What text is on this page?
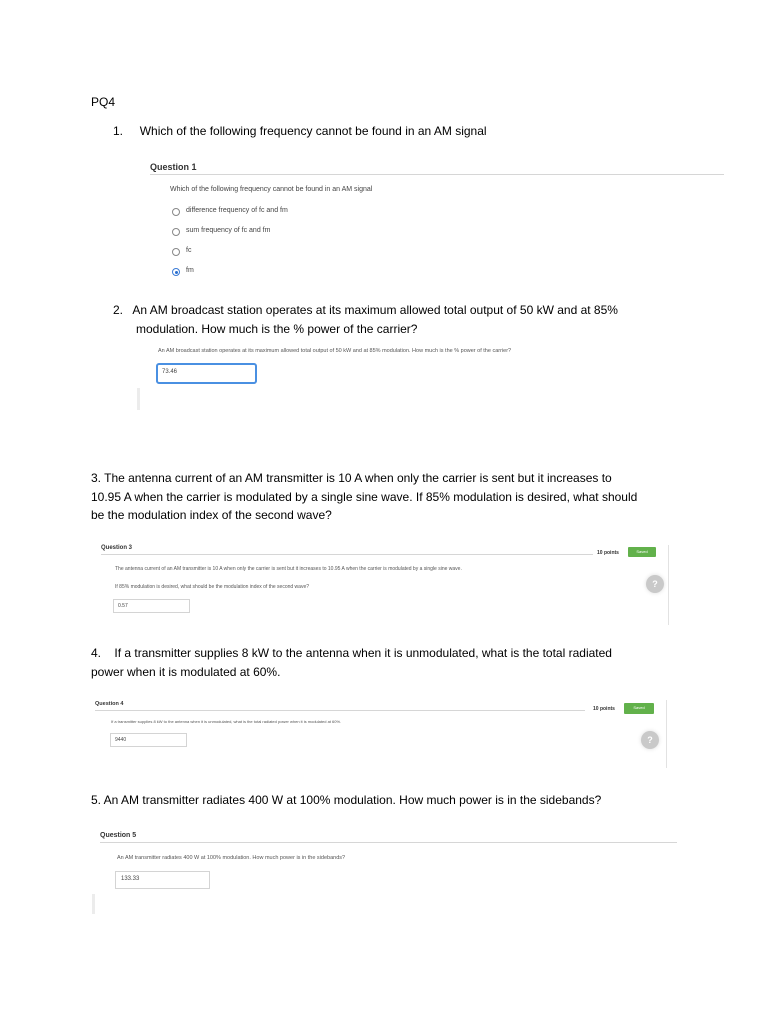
PQ4
1. Which of the following frequency cannot be found in an AM signal
Question 1
Which of the following frequency cannot be found in an AM signal
difference frequency of fc and fm
sum frequency of fc and fm
fc
fm
2. An AM broadcast station operates at its maximum allowed total output of 50 kW and at 85%
modulation. How much is the % power of the carrier?
An AM broadcast station operates at its maximum allowed total output of 50 kW and at 85% modulation. How much is the % power of the carrier?
73.46
3. The antenna current of an AM transmitter is 10 A when only the carrier is sent but it increases to
10.95 A when the carrier is modulated by a single sine wave. If 85% modulation is desired, what should
be the modulation index of the second wave?
Question 3
10 points	Saved
The antenna current of an AM transmitter is 10 A when only the carrier is sent but it increases to 10.95 A when the carrier is modulated by a single sine wave.
If 85% modulation is desired, what should be the modulation index of the second wave?
0.57
?
4. If a transmitter supplies 8 kW to the antenna when it is unmodulated, what is the total radiated
power when it is modulated at 60%.
Question 4
10 points	Saved
If a transmitter supplies 8 kW to the antenna when it is unmodulated, what is the total radiated power when it is modulated at 60%.
9440	?
5. An AM transmitter radiates 400 W at 100% modulation. How much power is in the sidebands?
Question 5
An AM transmitter radiates 400 W at 100% modulation. How much power is in the sidebands?
133.33
